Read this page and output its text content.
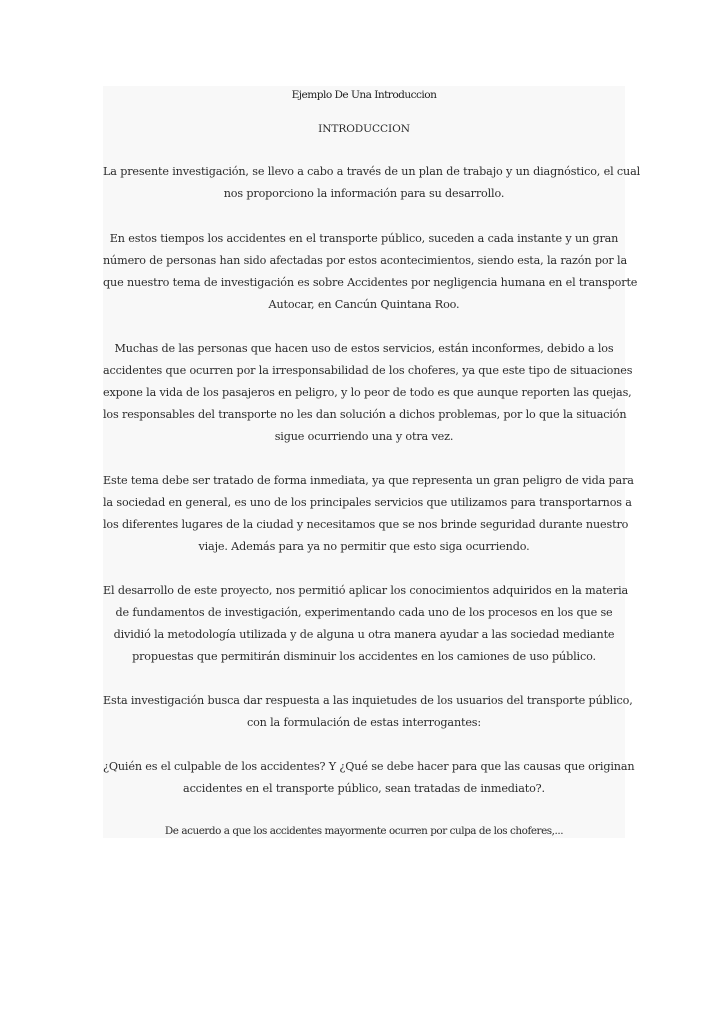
Ejemplo De Una Introduccion
INTRODUCCION
La presente investigación, se llevo a cabo a través de un plan de trabajo y un diagnóstico, el cual
nos proporciono la información para su desarrollo.
En estos tiempos los accidentes en el transporte público, suceden a cada instante y un gran
número de personas han sido afectadas por estos acontecimientos, siendo esta, la razón por la
que nuestro tema de investigación es sobre Accidentes por negligencia humana en el transporte
Autocar, en Cancún Quintana Roo.
Muchas de las personas que hacen uso de estos servicios, están inconformes, debido a los
accidentes que ocurren por la irresponsabilidad de los choferes, ya que este tipo de situaciones
expone la vida de los pasajeros en peligro, y lo peor de todo es que aunque reporten las quejas,
los responsables del transporte no les dan solución a dichos problemas, por lo que la situación
sigue ocurriendo una y otra vez.
Este tema debe ser tratado de forma inmediata, ya que representa un gran peligro de vida para
la sociedad en general, es uno de los principales servicios que utilizamos para transportarnos a
los diferentes lugares de la ciudad y necesitamos que se nos brinde seguridad durante nuestro
viaje. Además para ya no permitir que esto siga ocurriendo.
El desarrollo de este proyecto, nos permitió aplicar los conocimientos adquiridos en la materia
de fundamentos de investigación, experimentando cada uno de los procesos en los que se
dividió la metodología utilizada y de alguna u otra manera ayudar a las sociedad mediante
propuestas que permitirán disminuir los accidentes en los camiones de uso público.
Esta investigación busca dar respuesta a las inquietudes de los usuarios del transporte público,
con la formulación de estas interrogantes:
¿Quién es el culpable de los accidentes? Y ¿Qué se debe hacer para que las causas que originan
accidentes en el transporte público, sean tratadas de inmediato?.
De acuerdo a que los accidentes mayormente ocurren por culpa de los choferes,...
